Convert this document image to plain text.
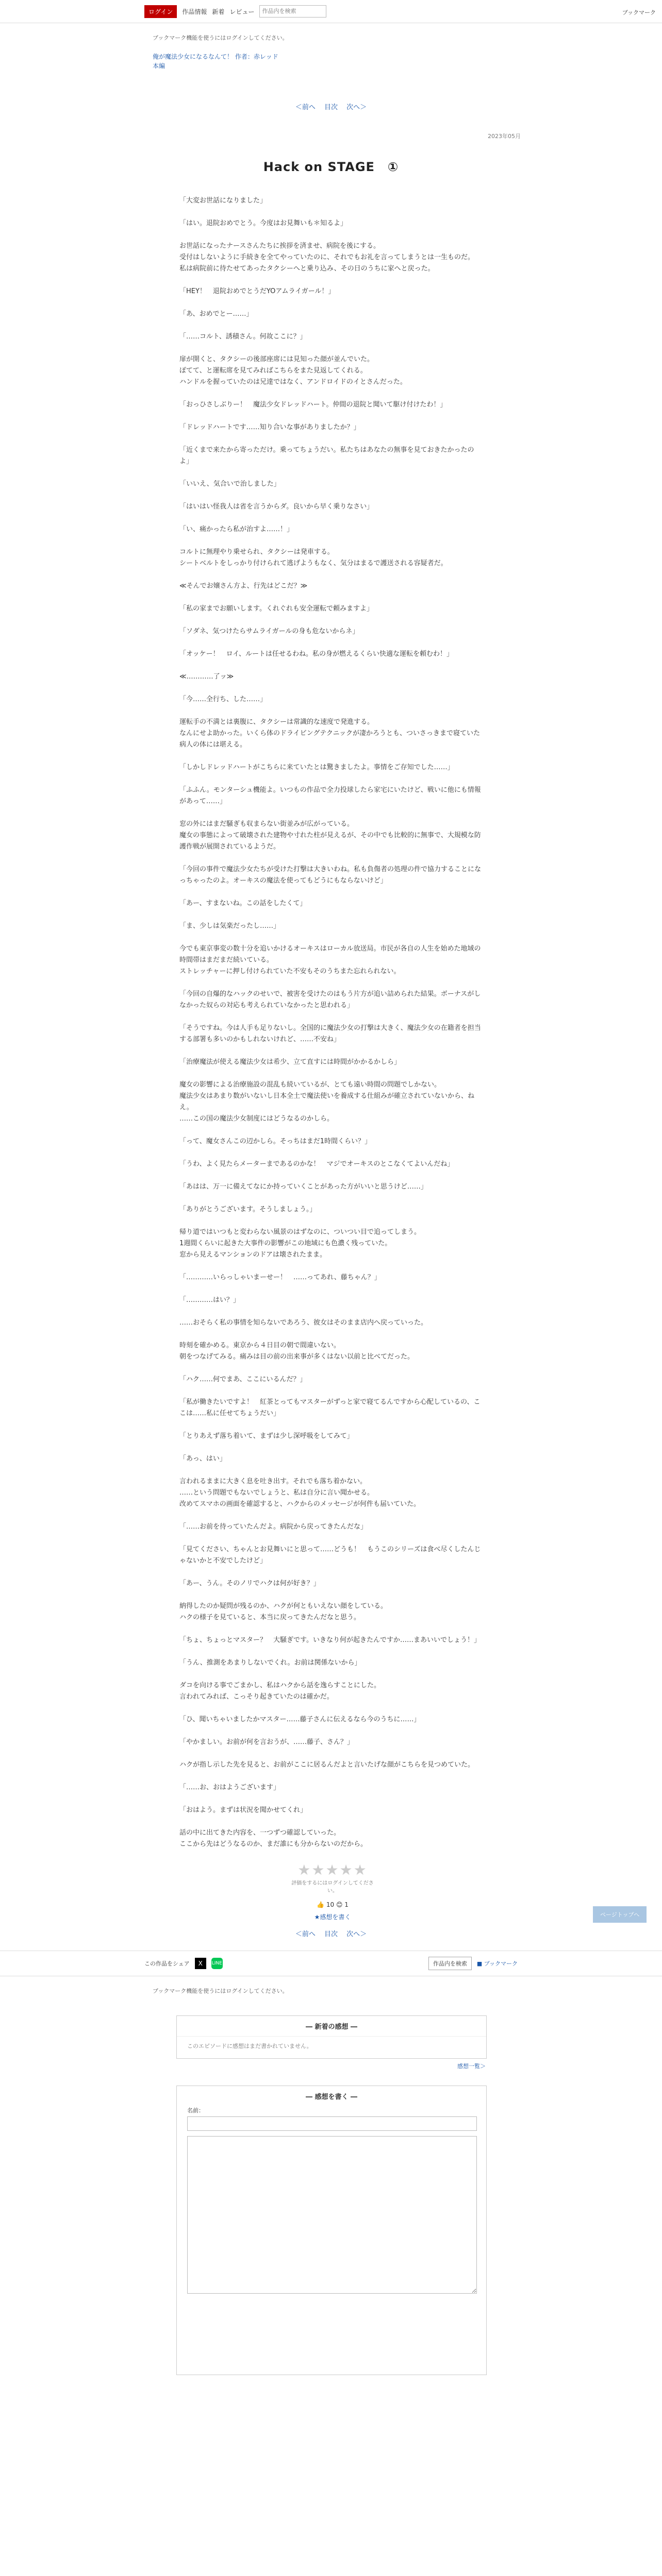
ログイン	作品情報 新着 レビュー
作品内を検索	ブックマーク
ブックマーク機能を使うにはログインしてください。
俺が魔法少女になるなんて！ 作者：赤レッド
本編
＜前へ　 目次　 次へ＞
2023年05月
Hack on STAGE　①

「大変お世話になりました」

「はい。退院おめでとう。今度はお見舞いも＊知るよ」

お世話になったナースさんたちに挨拶を済ませ、病院を後にする。
受付はしないように手続きを全てやっていたのに、それでもお礼を言ってしまうとは一生ものだ。
私は病院前に待たせてあったタクシーへと乗り込み、その日のうちに家へと戻った。

「HEY！　退院おめでとうだYOアムライガール！」

「あ、おめでとー……」

「……コルト、誘積さん。何故ここに？」

扉が開くと、タクシーの後部座席には見知った顔が並んでいた。
ぽてて、と運転席を見てみればこちらをまた見返してくれる。
ハンドルを握っていたのは兄達ではなく、アンドロイドのイとさんだった。

「おっひさしぶりー！　魔法少女ドレッドハート。仲間の退院と聞いて駆け付けたわ！」

「ドレッドハートです……知り合いな事がありましたか？」

「近くまで来たから寄っただけ。乗ってちょうだい。私たちはあなたの無事を見ておきたかったのよ」

「いいえ、気合いで治しました」

「はいはい怪我人は省を言うからダ。良いから早く乗りなさい」

「い、痛かったら私が治すよ……！」

コルトに無理やり乗せられ、タクシーは発車する。
シートベルトをしっかり付けられて逃げようもなく、気分はまるで護送される容疑者だ。

≪そんでお嬢さん方よ、行先はどこだ？≫

「私の家までお願いします。くれぐれも安全運転で頼みますよ」

「ソダネ、気つけたらサムライガールの身も危ないからネ」

「オッケー！　ロイ、ルートは任せるわね。私の身が燃えるくらい快適な運転を頼むわ！」

≪…………了ッ≫

「今……全行ち、した……」

運転手の不満とは裏腹に、タクシーは常識的な速度で発進する。
なんにせよ助かった。いくら体のドライビングテクニックが凄かろうとも、ついさっきまで寝ていた病人の体には堪える。

「しかしドレッドハートがこちらに来ていたとは驚きましたよ。事情をご存知でした……」

「ふふん。モンターシュ機能よ。いつもの作品で全力投球したら家宅にいたけど、戦いに他にも情報があって……」

窓の外にはまだ騒ぎも収まらない街並みが広がっている。
魔女の事態によって破壊された建物や寸れた柱が見えるが、その中でも比較的に無事で、大規模な防護作戦が展開されているようだ。

「今回の事件で魔法少女たちが受けた打撃は大きいわね。私も負傷者の処理の件で協力することになっちゃったのよ。オーキスの魔法を使ってもどうにもならないけど」

「あー、すまないね。この話をしたくて」

「ま、少しは気楽だったし……」

今でも東京事変の数十分を追いかけるオーキスはローカル放送局。市民が各自の人生を始めた地域の時間帯はまだまだ続いている。
ストレッチャーに押し付けられていた不安もそのうちまた忘れられない。

「今回の自爆的なハックのせいで、被害を受けたのはもう片方が追い詰められた結果。ボーナスがしなかった奴らの対応も考えられていなかったと思われる」

「そうですね。今は人手も足りないし。全国的に魔法少女の打撃は大きく、魔法少女の在籍者を担当する部署も多いのかもしれないけれど、……不安ね」

「治療魔法が使える魔法少女は希少、立て直すには時間がかかるかしら」

魔女の影響による治療施設の混乱も続いているが、とても遠い時間の問題でしかない。
魔法少女はあまり数がいないし日本全土で魔法使いを養成する仕組みが確立されていないから、ねえ。
……この国の魔法少女制度にはどうなるのかしら。

「って、魔女さんこの辺かしら。そっちはまだ1時間くらい？」

「うわ、よく見たらメーターまであるのかな！　マジでオーキスのとこなくてよいんだね」

「あはは、万一に備えてなにか持っていくことがあった方がいいと思うけど……」

「ありがとうございます。そうしましょう。」

帰り道ではいつもと変わらない風景のはずなのに、ついつい目で追ってしまう。
1週間くらいに起きた大事件の影響がこの地域にも色濃く残っていた。
窓から見えるマンションのドアは壊されたまま。

「…………いらっしゃいまーせー！　……ってあれ、藤ちゃん？」

「…………はい？」

……おそらく私の事情を知らないであろう、彼女はそのまま店内へ戻っていった。

時刻を確かめる。東京から４日目の朝で間違いない。
朝をつなげてみる。痛みは目の前の出来事が多くはない以前と比べてだった。

「ハク……何でまあ、ここにいるんだ？」

「私が働きたいですよ！　紅茶とってもマスターがずっと家で寝てるんですから心配しているの、ここは……私に任せてちょうだい」

「とりあえず落ち着いて、まずは少し深呼吸をしてみて」

「あっ、はい」

言われるままに大きく息を吐き出す。それでも落ち着かない。
……という問題でもないでしょうと、私は自分に言い聞かせる。
改めてスマホの画面を確認すると、ハクからのメッセージが何件も届いていた。

「……お前を待っていたんだよ。病院から戻ってきたんだな」

「見てください、ちゃんとお見舞いにと思って……どうも！　もうこのシリーズは食べ尽くしたんじゃないかと不安でしたけど」

「あー、うん。そのノリでハクは何が好き？」

納得したのか疑問が残るのか、ハクが何ともいえない顔をしている。
ハクの様子を見ていると、本当に戻ってきたんだなと思う。

「ちょ、ちょっとマスター？　大騒ぎです。いきなり何が起きたんですか……まあいいでしょう！」

「うん、推測をあまりしないでくれ。お前は関係ないから」

ダコを向ける事でごまかし、私はハクから話を逸らすことにした。
言われてみれば、こっそり起きていたのは確かだ。

「ひ、聞いちゃいましたかマスター……藤子さんに伝えるなら今のうちに……」

「やかましい。お前が何を言おうが、……藤子、さん？」

ハクが指し示した先を見ると、お前がここに居るんだよと言いたげな顔がこちらを見つめていた。

「……お、おはようございます」

「おはよう。まずは状況を聞かせてくれ」

話の中に出てきた内容を、一つずつ確認していった。
ここから先はどうなるのか、まだ誰にも分からないのだから。

ページトップへ
★★★★★
評価をするにはログインしてください。
👍 10 😊 1
★感想を書く
＜前へ　 目次　 次へ＞
この作品をシェア	X	LINE	作品内を検索	■ ブックマーク
ブックマーク機能を使うにはログインしてください。
― 新着の感想 ―
このエピソードに感想はまだ書かれていません。
感想一覧＞
― 感想を書く ―
名前：
